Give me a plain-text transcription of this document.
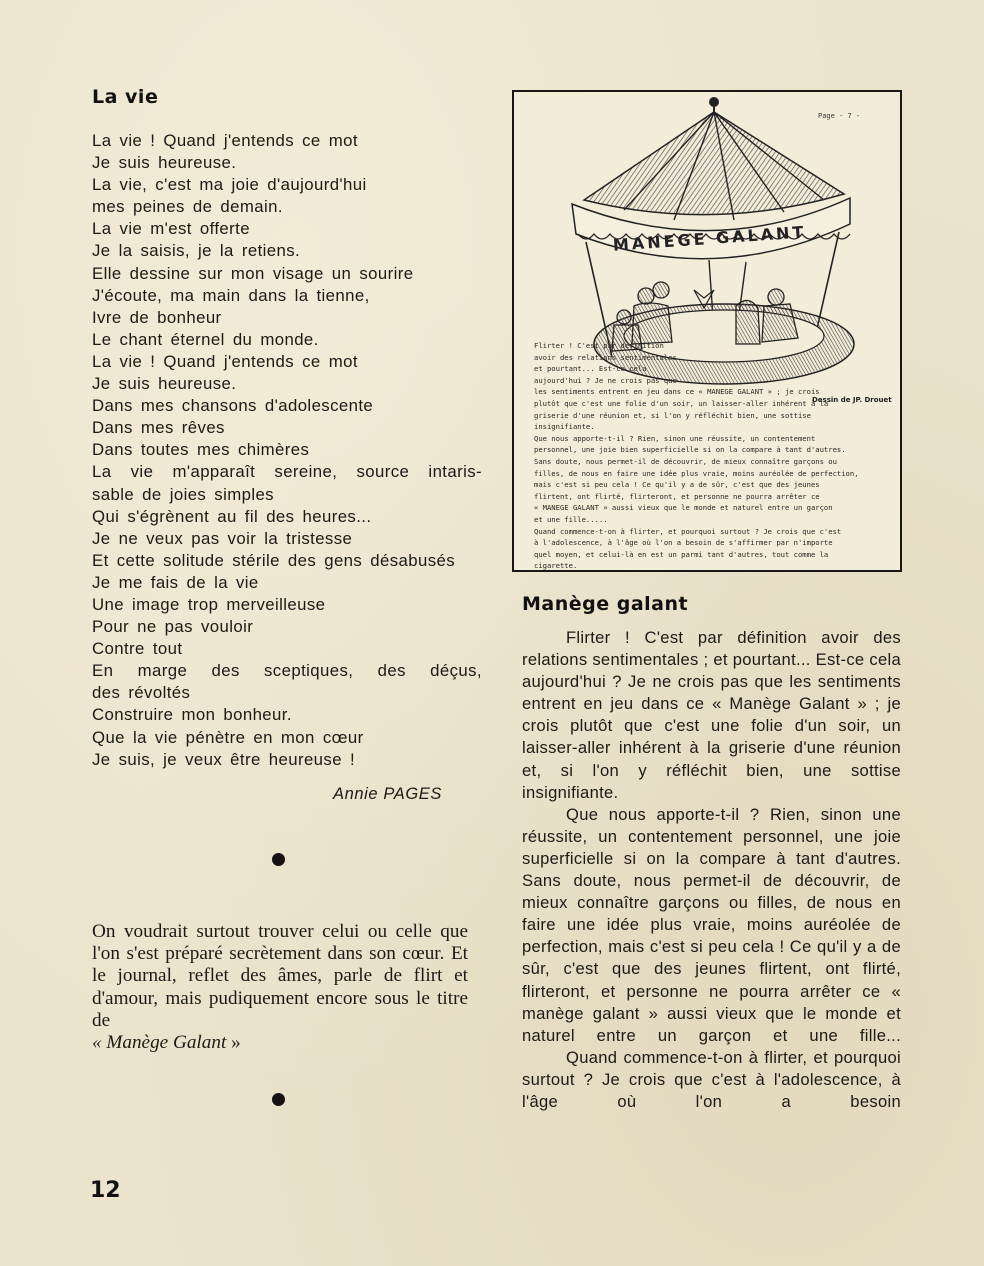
La vie
La vie ! Quand j'entends ce mot
Je suis heureuse.
La vie, c'est ma joie d'aujourd'hui
mes peines de demain.
La vie m'est offerte
Je la saisis, je la retiens.
Elle dessine sur mon visage un sourire
J'écoute, ma main dans la tienne,
Ivre de bonheur
Le chant éternel du monde.
La vie ! Quand j'entends ce mot
Je suis heureuse.
Dans mes chansons d'adolescente
Dans mes rêves
Dans toutes mes chimères
La vie m'apparaît sereine, source intaris-
sable de joies simples
Qui s'égrènent au fil des heures...
Je ne veux pas voir la tristesse
Et cette solitude stérile des gens désabusés
Je me fais de la vie
Une image trop merveilleuse
Pour ne pas vouloir
Contre tout
En marge des sceptiques, des déçus,
des révoltés
Construire mon bonheur.
Que la vie pénètre en mon cœur
Je suis, je veux être heureuse !
Annie PAGES
On voudrait surtout trouver celui ou celle que l'on s'est préparé secrètement dans son cœur. Et le journal, reflet des âmes, parle de flirt et d'amour, mais pudiquement encore sous le titre de
« Manège Galant »
12
Page - 7 -
MANEGE GALANT
Dessin de JP. Drouet
Flirter ! C'est par définition
avoir des relations sentimentales
et pourtant... Est-ce cela
aujourd'hui ? Je ne crois pas que
les sentiments entrent en jeu dans ce « MANEGE GALANT » ; je crois
plutôt que c'est une folie d'un soir, un laisser-aller inhérent à la
griserie d'une réunion et, si l'on y réfléchit bien, une sottise
insignifiante.
Que nous apporte-t-il ? Rien, sinon une réussite, un contentement
personnel, une joie bien superficielle si on la compare à tant d'autres.
Sans doute, nous permet-il de découvrir, de mieux connaître garçons ou
filles, de nous en faire une idée plus vraie, moins auréolée de perfection,
mais c'est si peu cela ! Ce qu'il y a de sûr, c'est que des jeunes
flirtent, ont flirté, flirteront, et personne ne pourra arrêter ce
« MANEGE GALANT » aussi vieux que le monde et naturel entre un garçon
et une fille.....
Quand commence-t-on à flirter, et pourquoi surtout ? Je crois que c'est
à l'adolescence, à l'âge où l'on a besoin de s'affirmer par n'importe
quel moyen, et celui-là en est un parmi tant d'autres, tout comme la
cigarette.
Manège galant

Flirter ! C'est par définition avoir des relations sentimentales ; et pourtant... Est-ce cela aujourd'hui ? Je ne crois pas que les sentiments entrent en jeu dans ce « Manège Galant » ; je crois plutôt que c'est une folie d'un soir, un laisser-aller inhérent à la griserie d'une réunion et, si l'on y réfléchit bien, une sottise insignifiante.

Que nous apporte-t-il ? Rien, sinon une réussite, un contentement personnel, une joie superficielle si on la compare à tant d'autres. Sans doute, nous permet-il de découvrir, de mieux connaître garçons ou filles, de nous en faire une idée plus vraie, moins auréolée de perfection, mais c'est si peu cela ! Ce qu'il y a de sûr, c'est que des jeunes flirtent, ont flirté, flirteront, et personne ne pourra arrêter ce « manège galant » aussi vieux que le monde et naturel entre un garçon et une fille...

Quand commence-t-on à flirter, et pourquoi surtout ? Je crois que c'est à l'adolescence, à l'âge où l'on a besoin
